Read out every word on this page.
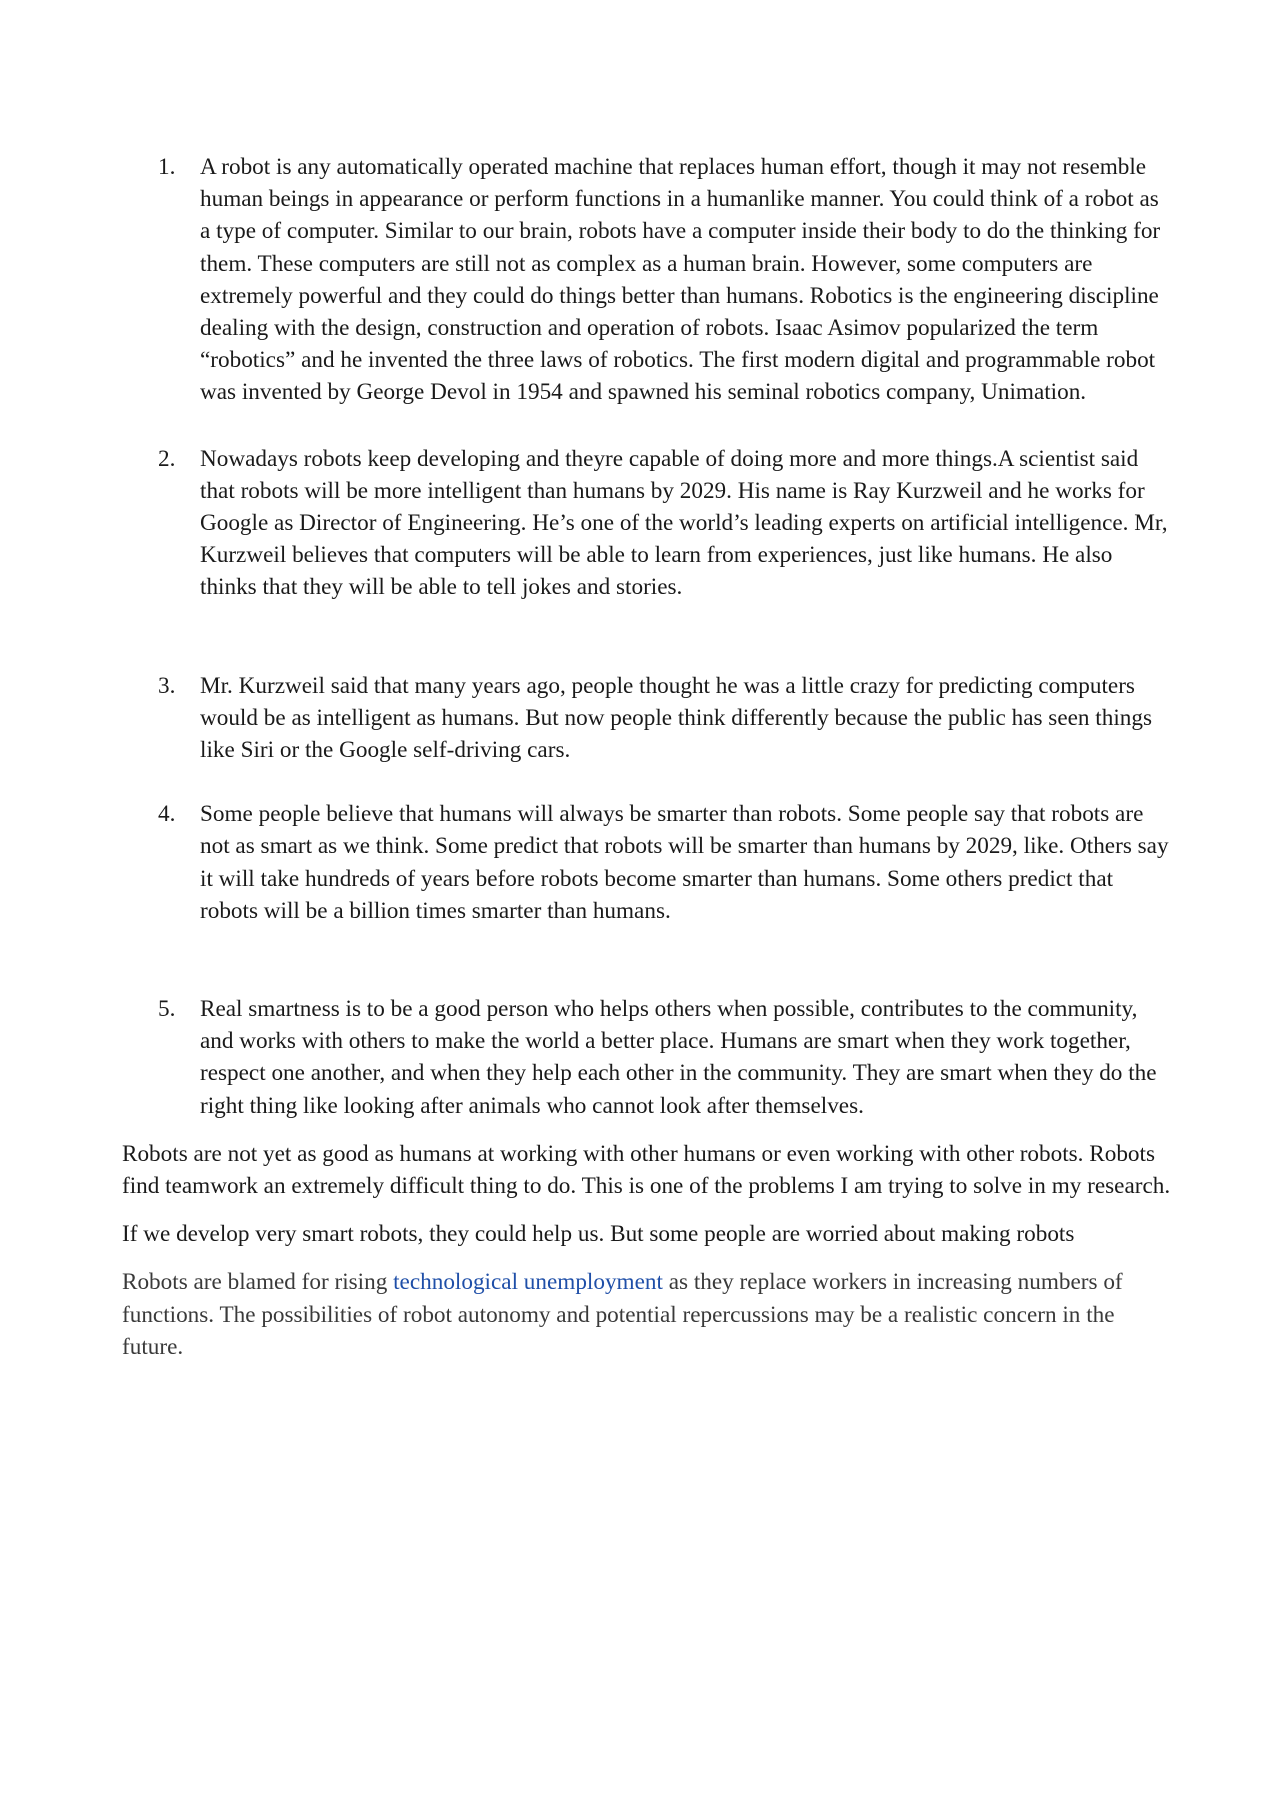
1. A robot is any automatically operated machine that replaces human effort, though it may not resemble human beings in appearance or perform functions in a humanlike manner. You could think of a robot as a type of computer. Similar to our brain, robots have a computer inside their body to do the thinking for them. These computers are still not as complex as a human brain. However, some computers are extremely powerful and they could do things better than humans. Robotics is the engineering discipline dealing with the design, construction and operation of robots. Isaac Asimov popularized the term “robotics” and he invented the three laws of robotics. The first modern digital and programmable robot was invented by George Devol in 1954 and spawned his seminal robotics company, Unimation.
2. Nowadays robots keep developing and theyre capable of doing more and more things.A scientist said that robots will be more intelligent than humans by 2029. His name is Ray Kurzweil and he works for Google as Director of Engineering. He’s one of the world’s leading experts on artificial intelligence. Mr, Kurzweil believes that computers will be able to learn from experiences, just like humans. He also thinks that they will be able to tell jokes and stories.
3. Mr. Kurzweil said that many years ago, people thought he was a little crazy for predicting computers would be as intelligent as humans. But now people think differently because the public has seen things like Siri or the Google self-driving cars.
4. Some people believe that humans will always be smarter than robots. Some people say that robots are not as smart as we think. Some predict that robots will be smarter than humans by 2029, like. Others say it will take hundreds of years before robots become smarter than humans. Some others predict that robots will be a billion times smarter than humans.
5. Real smartness is to be a good person who helps others when possible, contributes to the community, and works with others to make the world a better place. Humans are smart when they work together, respect one another, and when they help each other in the community. They are smart when they do the right thing like looking after animals who cannot look after themselves.

Robots are not yet as good as humans at working with other humans or even working with other robots. Robots find teamwork an extremely difficult thing to do. This is one of the problems I am trying to solve in my research.

If we develop very smart robots, they could help us. But some people are worried about making robots

Robots are blamed for rising technological unemployment as they replace workers in increasing numbers of functions. The possibilities of robot autonomy and potential repercussions may be a realistic concern in the future.
